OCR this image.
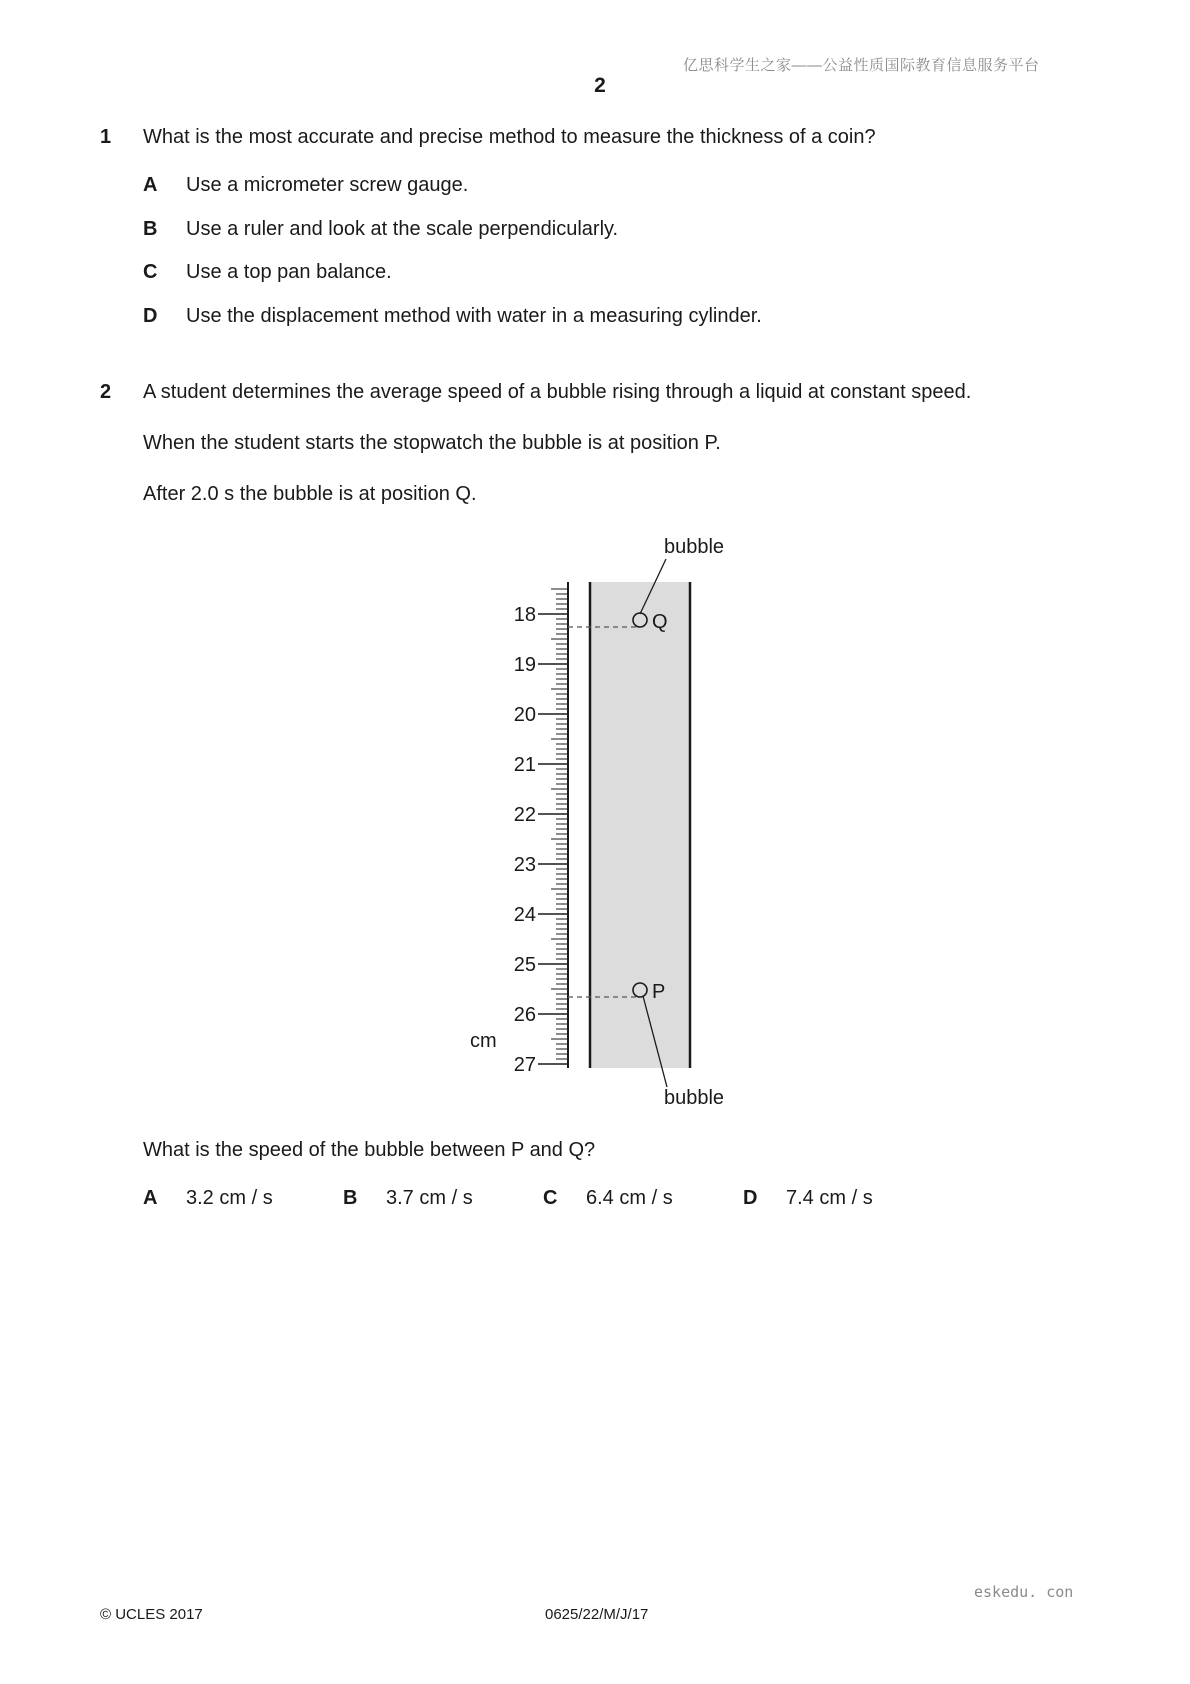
亿思科学生之家——公益性质国际教育信息服务平台
2
1 What is the most accurate and precise method to measure the thickness of a coin?
A Use a micrometer screw gauge.
B Use a ruler and look at the scale perpendicularly.
C Use a top pan balance.
D Use the displacement method with water in a measuring cylinder.
2 A student determines the average speed of a bubble rising through a liquid at constant speed.
When the student starts the stopwatch the bubble is at position P.
After 2.0 s the bubble is at position Q.
18
19
20
21
22
23
24
25
26
27
cm
Q
P
bubble
bubble
What is the speed of the bubble between P and Q?
A 3.2 cm / s	B 3.7 cm / s	C 6.4 cm / s	D 7.4 cm / s
eskedu. con
© UCLES 2017	0625/22/M/J/17
